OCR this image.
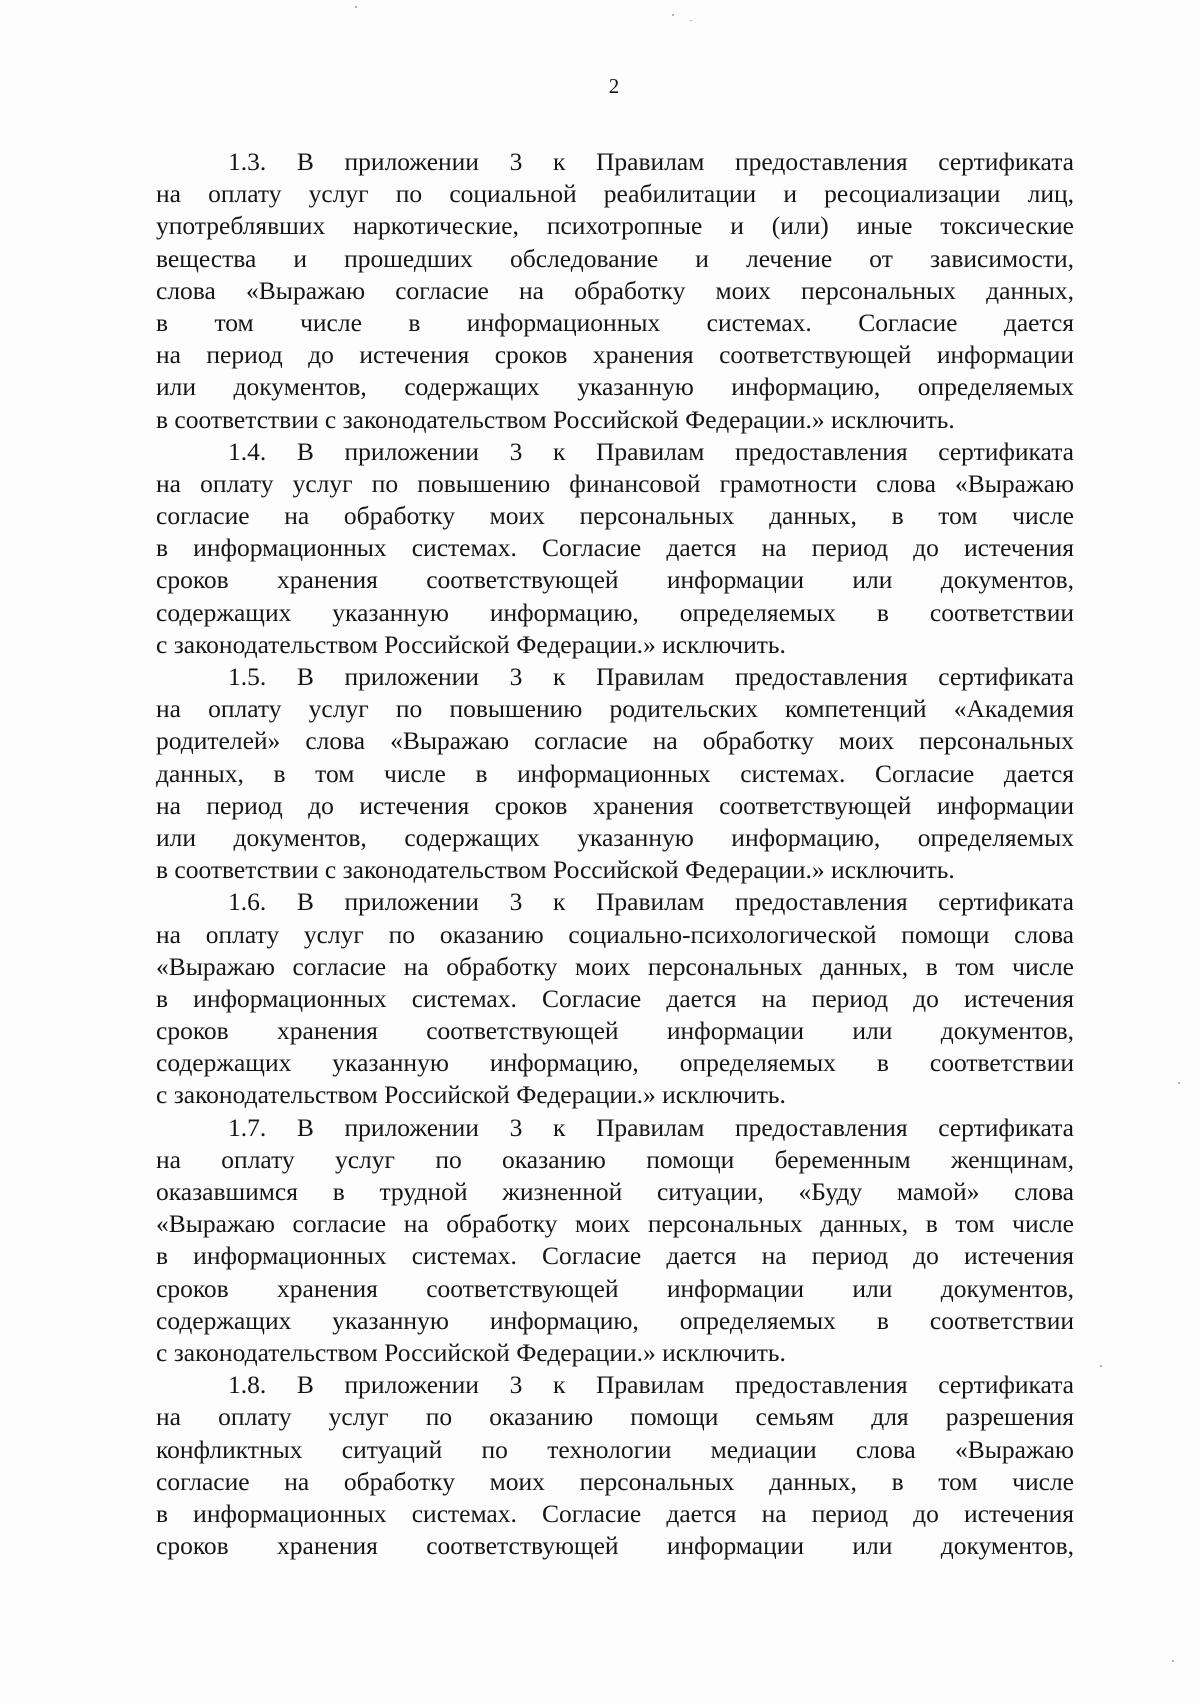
2
1.3. В приложении 3 к Правилам предоставления сертификата
на оплату услуг по социальной реабилитации и ресоциализации лиц,
употреблявших наркотические, психотропные и (или) иные токсические
вещества и прошедших обследование и лечение от зависимости,
слова «Выражаю согласие на обработку моих персональных данных,
в том числе в информационных системах. Согласие дается
на период до истечения сроков хранения соответствующей информации
или документов, содержащих указанную информацию, определяемых
в соответствии с законодательством Российской Федерации.» исключить.
1.4. В приложении 3 к Правилам предоставления сертификата
на оплату услуг по повышению финансовой грамотности слова «Выражаю
согласие на обработку моих персональных данных, в том числе
в информационных системах. Согласие дается на период до истечения
сроков хранения соответствующей информации или документов,
содержащих указанную информацию, определяемых в соответствии
с законодательством Российской Федерации.» исключить.
1.5. В приложении 3 к Правилам предоставления сертификата
на оплату услуг по повышению родительских компетенций «Академия
родителей» слова «Выражаю согласие на обработку моих персональных
данных, в том числе в информационных системах. Согласие дается
на период до истечения сроков хранения соответствующей информации
или документов, содержащих указанную информацию, определяемых
в соответствии с законодательством Российской Федерации.» исключить.
1.6. В приложении 3 к Правилам предоставления сертификата
на оплату услуг по оказанию социально-психологической помощи слова
«Выражаю согласие на обработку моих персональных данных, в том числе
в информационных системах. Согласие дается на период до истечения
сроков хранения соответствующей информации или документов,
содержащих указанную информацию, определяемых в соответствии
с законодательством Российской Федерации.» исключить.
1.7. В приложении 3 к Правилам предоставления сертификата
на оплату услуг по оказанию помощи беременным женщинам,
оказавшимся в трудной жизненной ситуации, «Буду мамой» слова
«Выражаю согласие на обработку моих персональных данных, в том числе
в информационных системах. Согласие дается на период до истечения
сроков хранения соответствующей информации или документов,
содержащих указанную информацию, определяемых в соответствии
с законодательством Российской Федерации.» исключить.
1.8. В приложении 3 к Правилам предоставления сертификата
на оплату услуг по оказанию помощи семьям для разрешения
конфликтных ситуаций по технологии медиации слова «Выражаю
согласие на обработку моих персональных данных, в том числе
в информационных системах. Согласие дается на период до истечения
сроков хранения соответствующей информации или документов,
